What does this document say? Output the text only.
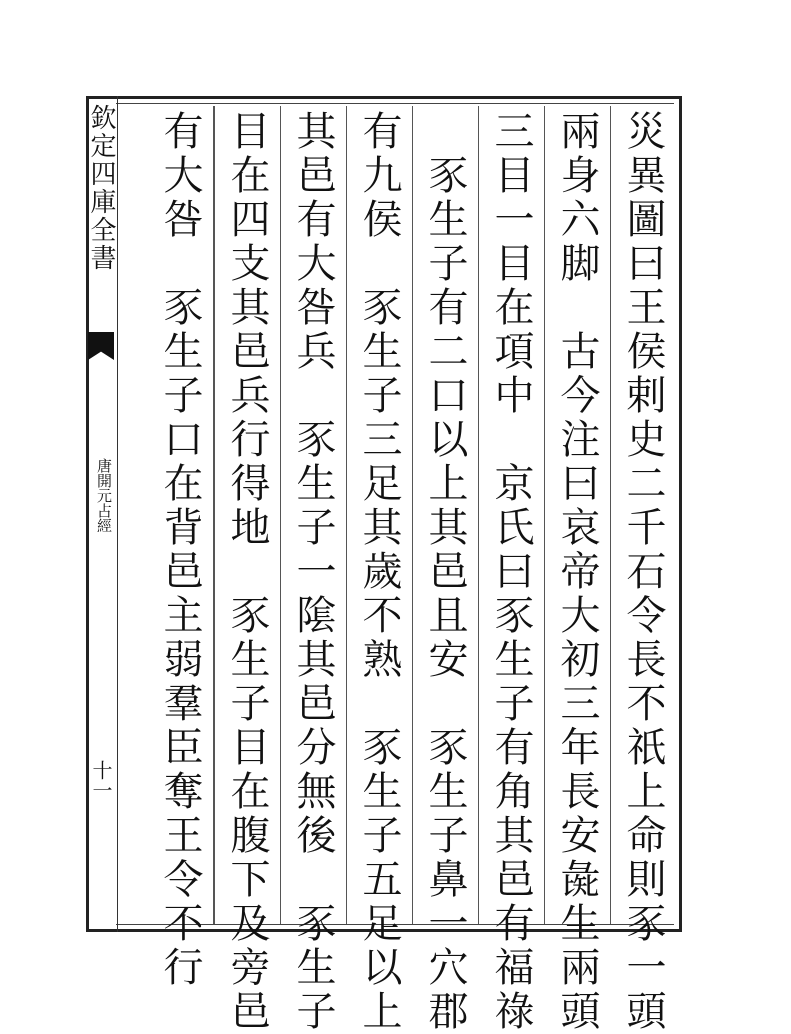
欽定四庫全書
唐開元占經
十一	災異圖曰王侯剌史二千石令長不祇上命則豕一頭
兩身六脚　古今注曰哀帝大初三年長安彘生兩頭
三目一目在項中　京氏曰豕生子有角其邑有福祿
　豕生子有二口以上其邑且安　豕生子鼻一穴郡
有九侯　豕生子三足其歲不熟　豕生子五足以上
其邑有大咎兵　豕生子一隂其邑分無後　豕生子
目在四支其邑兵行得地　豕生子目在腹下及旁邑
有大咎　豕生子口在背邑主弱羣臣奪王令不行
